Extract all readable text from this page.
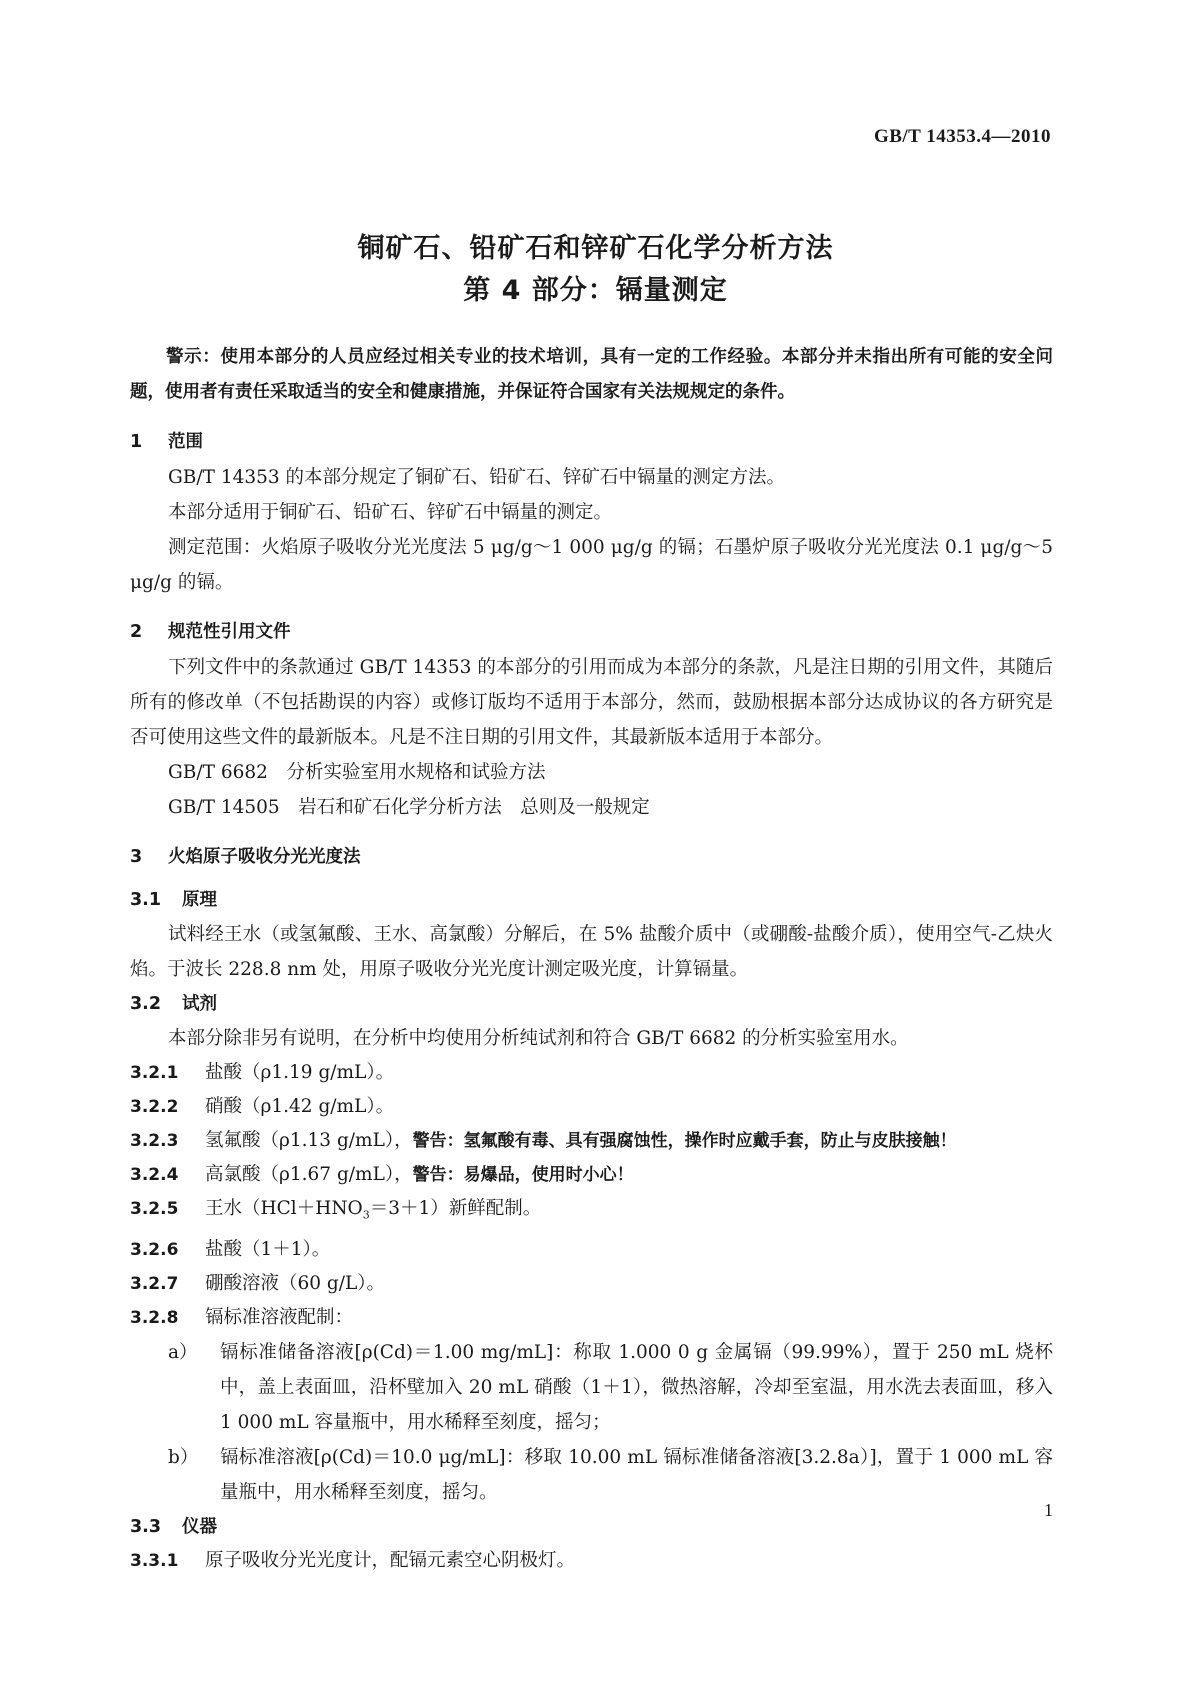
GB/T 14353.4—2010
铜矿石、铅矿石和锌矿石化学分析方法
第 4 部分：镉量测定

警示：使用本部分的人员应经过相关专业的技术培训，具有一定的工作经验。本部分并未指出所有可能的安全问题，使用者有责任采取适当的安全和健康措施，并保证符合国家有关法规规定的条件。

1 范围

GB/T 14353 的本部分规定了铜矿石、铅矿石、锌矿石中镉量的测定方法。

本部分适用于铜矿石、铅矿石、锌矿石中镉量的测定。

测定范围：火焰原子吸收分光光度法 5 μg/g～1 000 μg/g 的镉；石墨炉原子吸收分光光度法 0.1 μg/g～5 μg/g 的镉。

2 规范性引用文件

下列文件中的条款通过 GB/T 14353 的本部分的引用而成为本部分的条款，凡是注日期的引用文件，其随后所有的修改单（不包括勘误的内容）或修订版均不适用于本部分，然而，鼓励根据本部分达成协议的各方研究是否可使用这些文件的最新版本。凡是不注日期的引用文件，其最新版本适用于本部分。

GB/T 6682　 分析实验室用水规格和试验方法

GB/T 14505　 岩石和矿石化学分析方法　总则及一般规定

3 火焰原子吸收分光光度法
3.1 原理

试料经王水（或氢氟酸、王水、高氯酸）分解后，在 5% 盐酸介质中（或硼酸-盐酸介质），使用空气-乙炔火焰。于波长 228.8 nm 处，用原子吸收分光光度计测定吸光度，计算镉量。

3.2 试剂

本部分除非另有说明，在分析中均使用分析纯试剂和符合 GB/T 6682 的分析实验室用水。

3.2.1 盐酸（ρ1.19 g/mL）。

3.2.2 硝酸（ρ1.42 g/mL）。

3.2.3 氢氟酸（ρ1.13 g/mL），警告：氢氟酸有毒、具有强腐蚀性，操作时应戴手套，防止与皮肤接触！

3.2.4 高氯酸（ρ1.67 g/mL），警告：易爆品，使用时小心！

3.2.5 王水$(HCl+HNO_3=3+1)$新鲜配制。

3.2.6 盐酸（1＋1）。

3.2.7 硼酸溶液（60 g/L）。

3.2.8 镉标准溶液配制：

a） 镉标准储备溶液[ρ(Cd)＝1.00 mg/mL]：称取 1.000 0 g 金属镉（99.99%），置于 250 mL 烧杯中，盖上表面皿，沿杯壁加入 20 mL 硝酸（1＋1），微热溶解，冷却至室温，用水洗去表面皿，移入 1 000 mL 容量瓶中，用水稀释至刻度，摇匀；

b） 镉标准溶液[ρ(Cd)＝10.0 μg/mL]：移取 10.00 mL 镉标准储备溶液[3.2.8a）]，置于 1 000 mL 容量瓶中，用水稀释至刻度，摇匀。

3.3 仪器

3.3.1 原子吸收分光光度计，配镉元素空心阴极灯。

1
